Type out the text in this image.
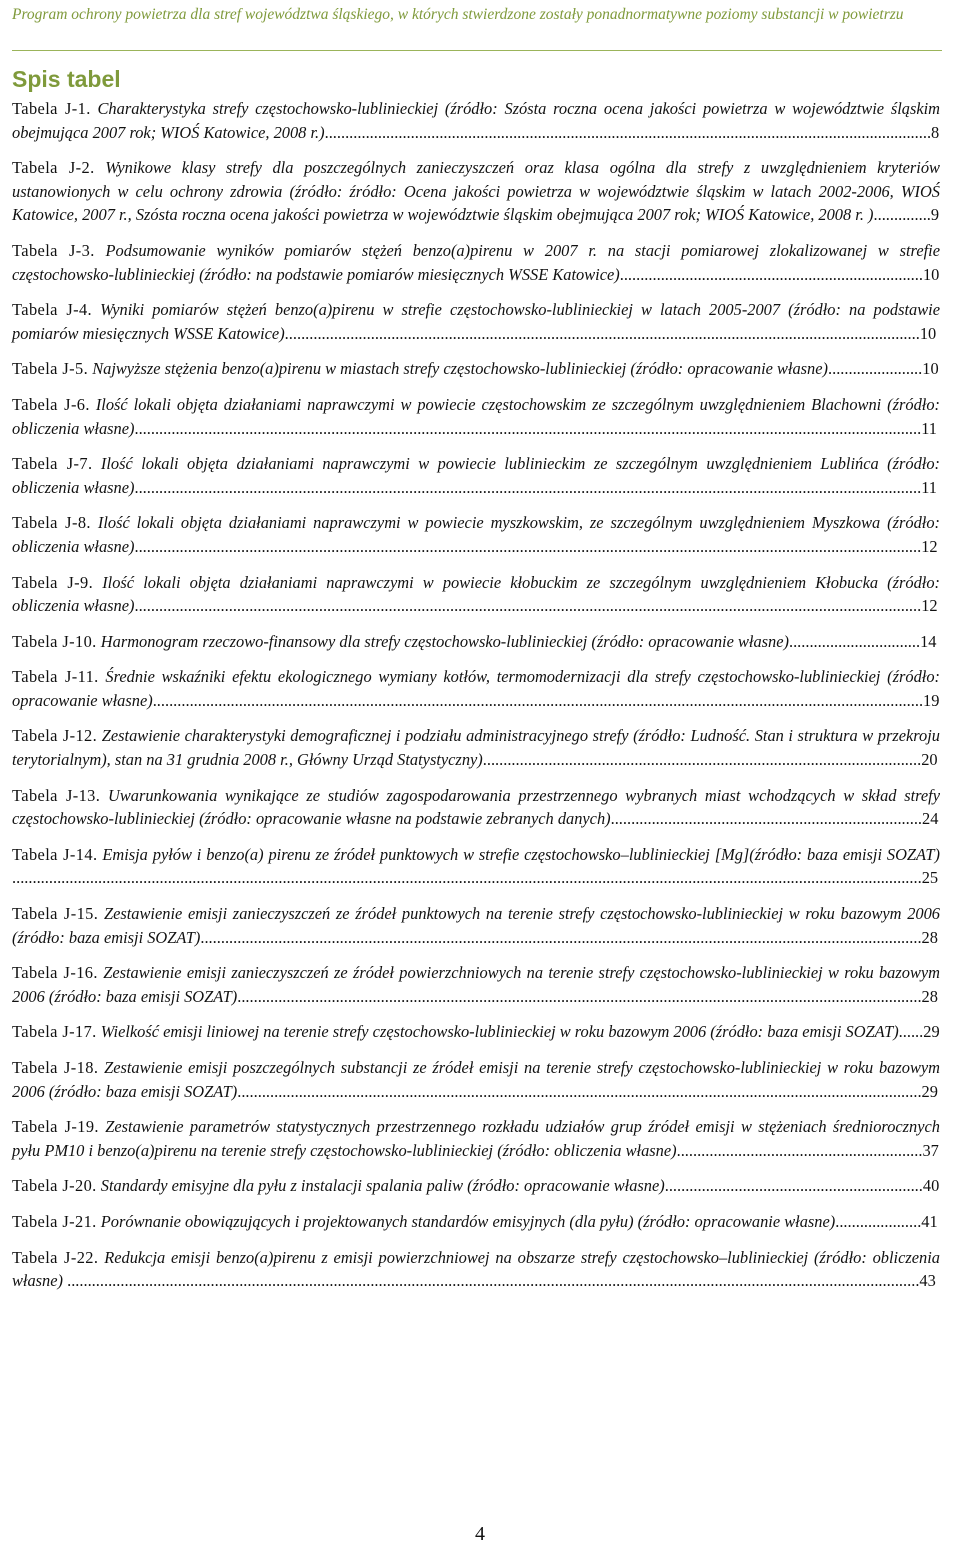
Program ochrony powietrza dla stref województwa śląskiego, w których stwierdzone zostały ponadnormatywne poziomy substancji w powietrzu
Spis tabel
Tabela J-1. Charakterystyka strefy częstochowsko-lublinieckiej (źródło: Szósta roczna ocena jakości powietrza w województwie śląskim obejmująca 2007 rok; WIOŚ Katowice, 2008 r.)....................................................................................................................................................8
Tabela J-2. Wynikowe klasy strefy dla poszczególnych zanieczyszczeń oraz klasa ogólna dla strefy z uwzględnieniem kryteriów ustanowionych w celu ochrony zdrowia (źródło: źródło: Ocena jakości powietrza w województwie śląskim w latach 2002-2006, WIOŚ Katowice, 2007 r., Szósta roczna ocena jakości powietrza w województwie śląskim obejmująca 2007 rok; WIOŚ Katowice, 2008 r. )..............9
Tabela J-3. Podsumowanie wyników pomiarów stężeń benzo(a)pirenu w 2007 r. na stacji pomiarowej zlokalizowanej w strefie częstochowsko-lublinieckiej (źródło: na podstawie pomiarów miesięcznych WSSE Katowice)..........................................................................10
Tabela J-4. Wyniki pomiarów stężeń benzo(a)pirenu w strefie częstochowsko-lublinieckiej w latach 2005-2007 (źródło: na podstawie pomiarów miesięcznych WSSE Katowice)...........................................................................................................................................................10
Tabela J-5. Najwyższe stężenia benzo(a)pirenu w miastach strefy częstochowsko-lublinieckiej (źródło: opracowanie własne).......................10
Tabela J-6. Ilość lokali objęta działaniami naprawczymi w powiecie częstochowskim ze szczególnym uwzględnieniem Blachowni (źródło: obliczenia własne)................................................................................................................................................................................................11
Tabela J-7. Ilość lokali objęta działaniami naprawczymi w powiecie lublinieckim ze szczególnym uwzględnieniem Lublińca (źródło: obliczenia własne)................................................................................................................................................................................................11
Tabela J-8. Ilość lokali objęta działaniami naprawczymi w powiecie myszkowskim, ze szczególnym uwzględnieniem Myszkowa (źródło: obliczenia własne)................................................................................................................................................................................................12
Tabela J-9. Ilość lokali objęta działaniami naprawczymi w powiecie kłobuckim ze szczególnym uwzględnieniem Kłobucka (źródło: obliczenia własne)................................................................................................................................................................................................12
Tabela J-10. Harmonogram rzeczowo-finansowy dla strefy częstochowsko-lublinieckiej (źródło: opracowanie własne)................................14
Tabela J-11. Średnie wskaźniki efektu ekologicznego wymiany kotłów, termomodernizacji dla strefy częstochowsko-lublinieckiej (źródło: opracowanie własne)............................................................................................................................................................................................19
Tabela J-12. Zestawienie charakterystyki demograficznej i podziału administracyjnego strefy (źródło: Ludność. Stan i struktura w przekroju terytorialnym), stan na 31 grudnia 2008 r., Główny Urząd Statystyczny)...........................................................................................................20
Tabela J-13. Uwarunkowania wynikające ze studiów zagospodarowania przestrzennego wybranych miast wchodzących w skład strefy częstochowsko-lublinieckiej (źródło: opracowanie własne na podstawie zebranych danych)............................................................................24
Tabela J-14. Emisja pyłów i benzo(a) pirenu ze źródeł punktowych w strefie częstochowsko–lublinieckiej [Mg](źródło: baza emisji SOZAT) ..............................................................................................................................................................................................................................25
Tabela J-15. Zestawienie emisji zanieczyszczeń ze źródeł punktowych na terenie strefy częstochowsko-lublinieckiej w roku bazowym 2006 (źródło: baza emisji SOZAT)................................................................................................................................................................................28
Tabela J-16. Zestawienie emisji zanieczyszczeń ze źródeł powierzchniowych na terenie strefy częstochowsko-lublinieckiej w roku bazowym 2006 (źródło: baza emisji SOZAT).......................................................................................................................................................................28
Tabela J-17. Wielkość emisji liniowej na terenie strefy częstochowsko-lublinieckiej w roku bazowym 2006 (źródło: baza emisji SOZAT)......29
Tabela J-18. Zestawienie emisji poszczególnych substancji ze źródeł emisji na terenie strefy częstochowsko-lublinieckiej w roku bazowym 2006 (źródło: baza emisji SOZAT).......................................................................................................................................................................29
Tabela J-19. Zestawienie parametrów statystycznych przestrzennego rozkładu udziałów grup źródeł emisji w stężeniach średniorocznych pyłu PM10 i benzo(a)pirenu na terenie strefy częstochowsko-lublinieckiej (źródło: obliczenia własne)............................................................37
Tabela J-20. Standardy emisyjne dla pyłu z instalacji spalania paliw (źródło: opracowanie własne)...............................................................40
Tabela J-21. Porównanie obowiązujących i projektowanych standardów emisyjnych (dla pyłu) (źródło: opracowanie własne).....................41
Tabela J-22. Redukcja emisji benzo(a)pirenu z emisji powierzchniowej na obszarze strefy częstochowsko–lublinieckiej (źródło: obliczenia własne) ................................................................................................................................................................................................................43
4
